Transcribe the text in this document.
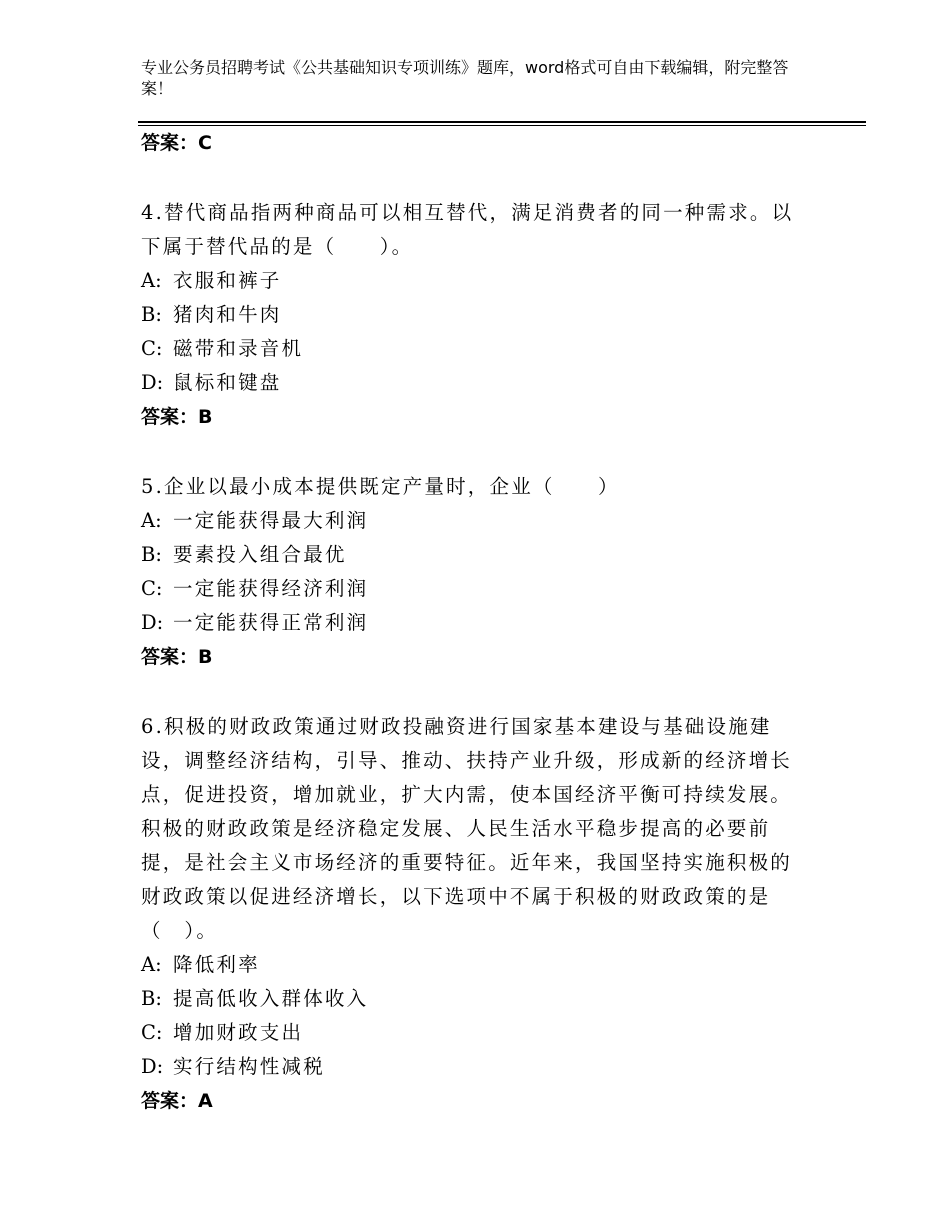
专业公务员招聘考试《公共基础知识专项训练》题库，word格式可自由下载编辑，附完整答案！
答案：C
4.替代商品指两种商品可以相互替代，满足消费者的同一种需求。以下属于替代品的是（　　）。
A: 衣服和裤子
B: 猪肉和牛肉
C: 磁带和录音机
D: 鼠标和键盘
答案：B
5.企业以最小成本提供既定产量时，企业（　　）
A: 一定能获得最大利润
B: 要素投入组合最优
C: 一定能获得经济利润
D: 一定能获得正常利润
答案：B
6.积极的财政政策通过财政投融资进行国家基本建设与基础设施建设，调整经济结构，引导、推动、扶持产业升级，形成新的经济增长点，促进投资，增加就业，扩大内需，使本国经济平衡可持续发展。积极的财政政策是经济稳定发展、人民生活水平稳步提高的必要前提，是社会主义市场经济的重要特征。近年来，我国坚持实施积极的财政政策以促进经济增长，以下选项中不属于积极的财政政策的是（　）。
A: 降低利率
B: 提高低收入群体收入
C: 增加财政支出
D: 实行结构性减税
答案：A
